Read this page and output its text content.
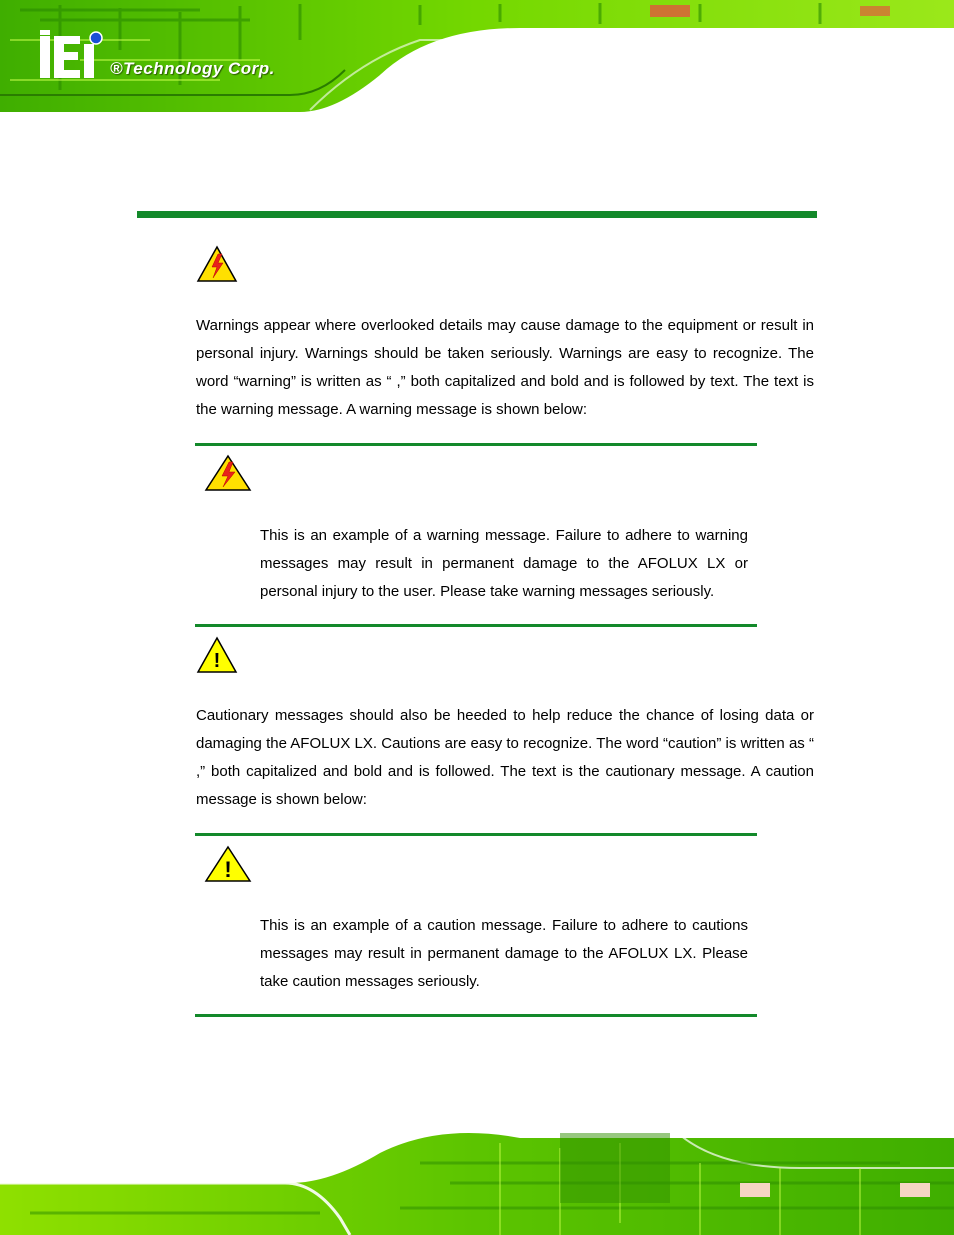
®Technology Corp.
Warnings appear where overlooked details may cause damage to the equipment or result in personal injury. Warnings should be taken seriously. Warnings are easy to recognize. The word “warning” is written as “ ,” both capitalized and bold and is followed by text. The text is the warning message. A warning message is shown below:
This is an example of a warning message. Failure to adhere to warning messages may result in permanent damage to the AFOLUX LX or personal injury to the user. Please take warning messages seriously.
!
Cautionary messages should also be heeded to help reduce the chance of losing data or damaging the AFOLUX LX. Cautions are easy to recognize. The word “caution” is written as “ ,” both capitalized and bold and is followed. The text is the cautionary message. A caution message is shown below:
!
This is an example of a caution message. Failure to adhere to cautions messages may result in permanent damage to the AFOLUX LX. Please take caution messages seriously.
